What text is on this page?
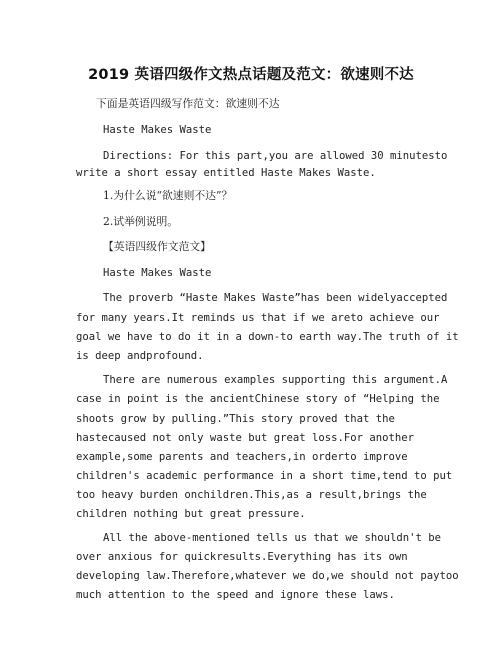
2019 英语四级作文热点话题及范文：欲速则不达

下面是英语四级写作范文：欲速则不达

Haste Makes Waste

Directions: For this part,you are allowed 30 minutesto

write a short essay entitled Haste Makes Waste.

1.为什么说“欲速则不达”？

2.试举例说明。

【英语四级作文范文】

Haste Makes Waste

The proverb “Haste Makes Waste”has been widelyaccepted

for many years.It reminds us that if we areto achieve our

goal we have to do it in a down-to earth way.The truth of it

is deep andprofound.

There are numerous examples supporting this argument.A

case in point is the ancientChinese story of “Helping the

shoots grow by pulling.”This story proved that the

hastecaused not only waste but great loss.For another

example,some parents and teachers,in orderto improve

children's academic performance in a short time,tend to put

too heavy burden onchildren.This,as a result,brings the

children nothing but great pressure.

All the above-mentioned tells us that we shouldn't be

over anxious for quickresults.Everything has its own

developing law.Therefore,whatever we do,we should not paytoo

much attention to the speed and ignore these laws.
